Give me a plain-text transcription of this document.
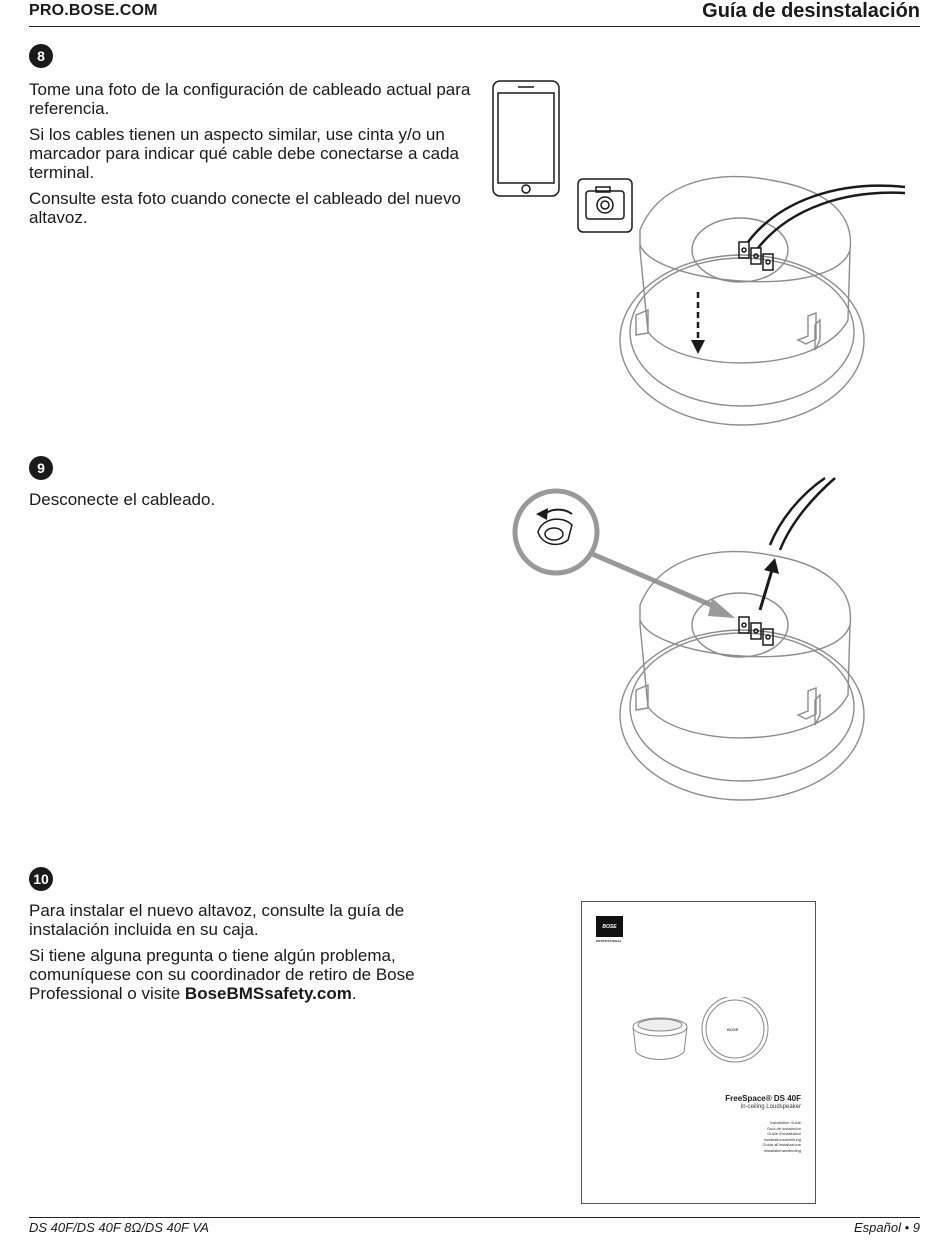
PRO.BOSE.COM	Guía de desinstalación
8

Tome una foto de la configuración de cableado actual para referencia.

Si los cables tienen un aspecto similar, use cinta y/o un marcador para indicar qué cable debe conectarse a cada terminal.

Consulte esta foto cuando conecte el cableado del nuevo altavoz.

9

Desconecte el cableado.

10

Para instalar el nuevo altavoz, consulte la guía de instalación incluida en su caja.

Si tiene alguna pregunta o tiene algún problema, comuníquese con su coordinador de retiro de Bose Professional o visite BoseBMSsafety.com.

BOSE
PROFESSIONAL
BOSE
FreeSpace® DS 40F
In-ceiling Loudspeaker
Installation Guide
Guía de instalación
Guide d'installation
Installationsanleitung
Guida all'installazione
Installatiehandleiding
DS 40F/DS 40F 8Ω/DS 40F VA	Español • 9
